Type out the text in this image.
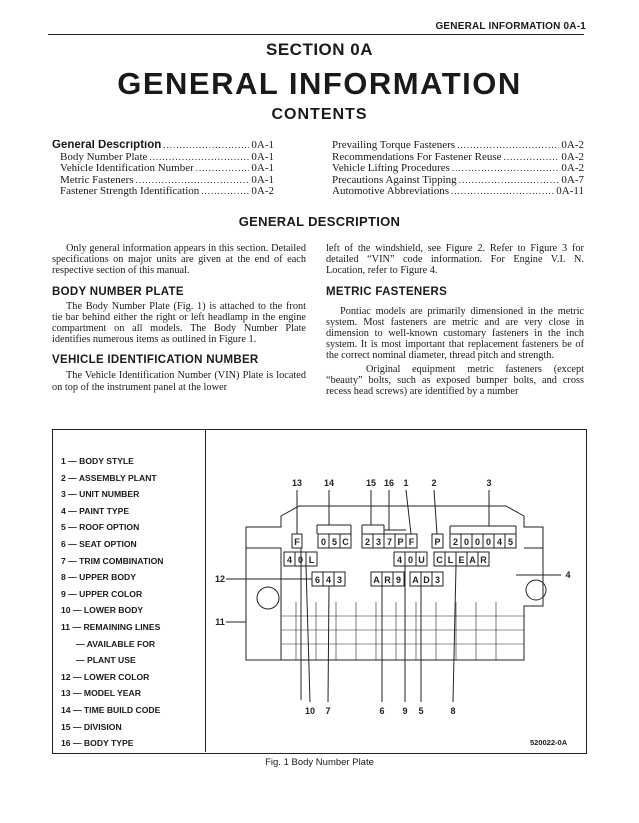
GENERAL INFORMATION 0A-1
SECTION 0A
GENERAL INFORMATION
CONTENTS
General Description .....	0A-1
Body Number Plate .....	0A-1
Vehicle Identification Number .....	0A-1
Metric Fasteners .....	0A-1
Fastener Strength Identification .....	0A-2
Prevailing Torque Fasteners .....	0A-2
Recommendations For Fastener Reuse .....	0A-2
Vehicle Lifting Procedures .....	0A-2
Precautions Against Tipping .....	0A-7
Automotive Abbreviations .....	0A-11
GENERAL DESCRIPTION
Only general information appears in this section. Detailed specifications on major units are given at the end of each respective section of this manual.
BODY NUMBER PLATE
The Body Number Plate (Fig. 1) is attached to the front tie bar behind either the right or left headlamp in the engine compartment on all models. The Body Number Plate identifies numerous items as outlined in Figure 1.
VEHICLE IDENTIFICATION NUMBER
The Vehicle Identification Number (VIN) Plate is located on top of the instrument panel at the lower
left of the windshield, see Figure 2. Refer to Figure 3 for detailed “VIN” code information. For Engine V.I. N. Location, refer to Figure 4.
METRIC FASTENERS
Pontiac models are primarily dimensioned in the metric system. Most fasteners are metric and are very close in dimension to well-known customary fasteners in the inch system. It is most important that replacement fasteners be of the correct nominal diameter, thread pitch and strength.
Original equipment metric fasteners (except “beauty” bolts, such as exposed bumper bolts, and cross recess head screws) are identified by a number
1 — BODY STYLE
2 — ASSEMBLY PLANT
3 — UNIT NUMBER
4 — PAINT TYPE
5 — ROOF OPTION
6 — SEAT OPTION
7 — TRIM COMBINATION
8 — UPPER BODY
9 — UPPER COLOR
10 — LOWER BODY
11 — REMAINING LINES
— AVAILABLE FOR
— PLANT USE
12 — LOWER COLOR
13 — MODEL YEAR
14 — TIME BUILD CODE
15 — DIVISION
16 — BODY TYPE
F 0 5 C 2 3 7 P F P 2 0 0 0 4 5
4 0 L	4 0 U C L E A R
6 4 3	A R 9 A D 3
13 14	15 16 1	2	3
10 7	6 9 5	8
12
11
4
520022-0A
Fig. 1 Body Number Plate
